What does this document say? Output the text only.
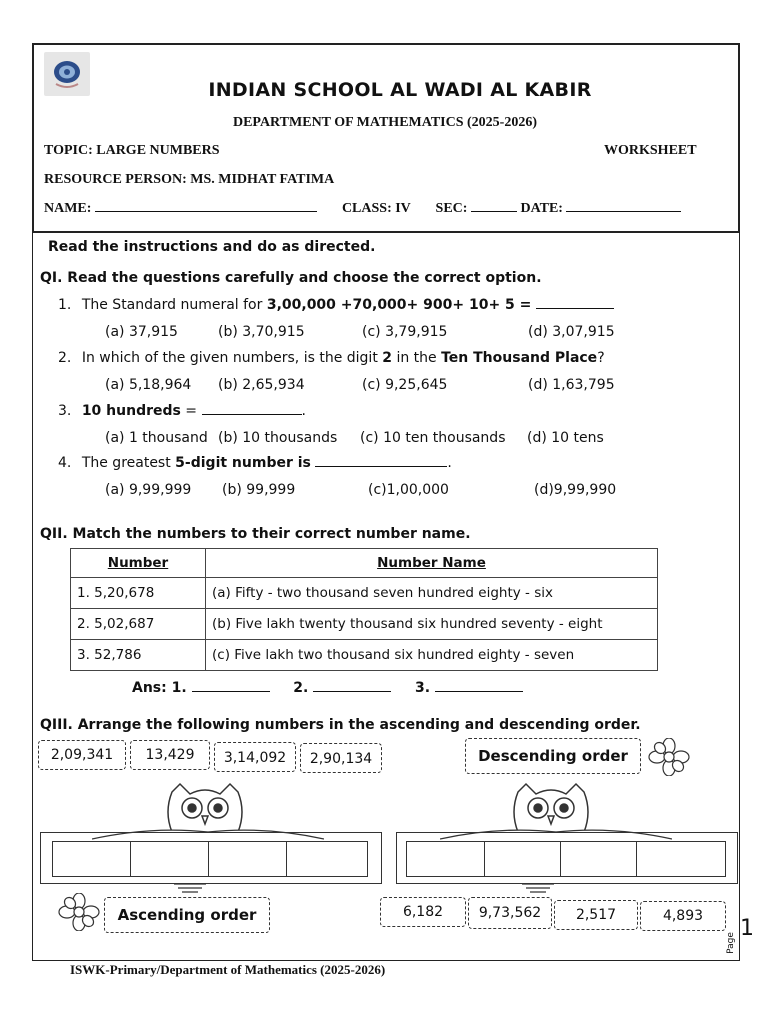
INDIAN SCHOOL AL WADI AL KABIR
DEPARTMENT OF MATHEMATICS (2025-2026)
TOPIC: LARGE NUMBERS	WORKSHEET
RESOURCE PERSON: MS. MIDHAT FATIMA
NAME:	CLASS: IV SEC:	DATE:
Read the instructions and do as directed.
QI. Read the questions carefully and choose the correct option.
1. The Standard numeral for 3,00,000 +70,000+ 900+ 10+ 5 =
(a) 37,915	(b) 3,70,915	(c) 3,79,915	(d) 3,07,915
2. In which of the given numbers, is the digit 2 in the Ten Thousand Place?
(a) 5,18,964 (b) 2,65,934	(c) 9,25,645	(d) 1,63,795
3. 10 hundreds =	.
(a) 1 thousand (b) 10 thousands (c) 10 ten thousands (d) 10 tens
4. The greatest 5-digit number is	.
(a) 9,99,999 (b) 99,999	(c)1,00,000	(d)9,99,990
QII. Match the numbers to their correct number name.
Number	Number Name
1. 5,20,678	(a) Fifty - two thousand seven hundred eighty - six
2. 5,02,687	(b) Five lakh twenty thousand six hundred seventy - eight
3. 52,786	(c) Five lakh two thousand six hundred eighty - seven
Ans: 1.	2.	3.
QIII. Arrange the following numbers in the ascending and descending order.
2,09,341	13,429	3,14,092	2,90,134	Descending order
Ascending order	6,182	9,73,562	2,517	4,893	1
Page
ISWK-Primary/Department of Mathematics (2025-2026)
